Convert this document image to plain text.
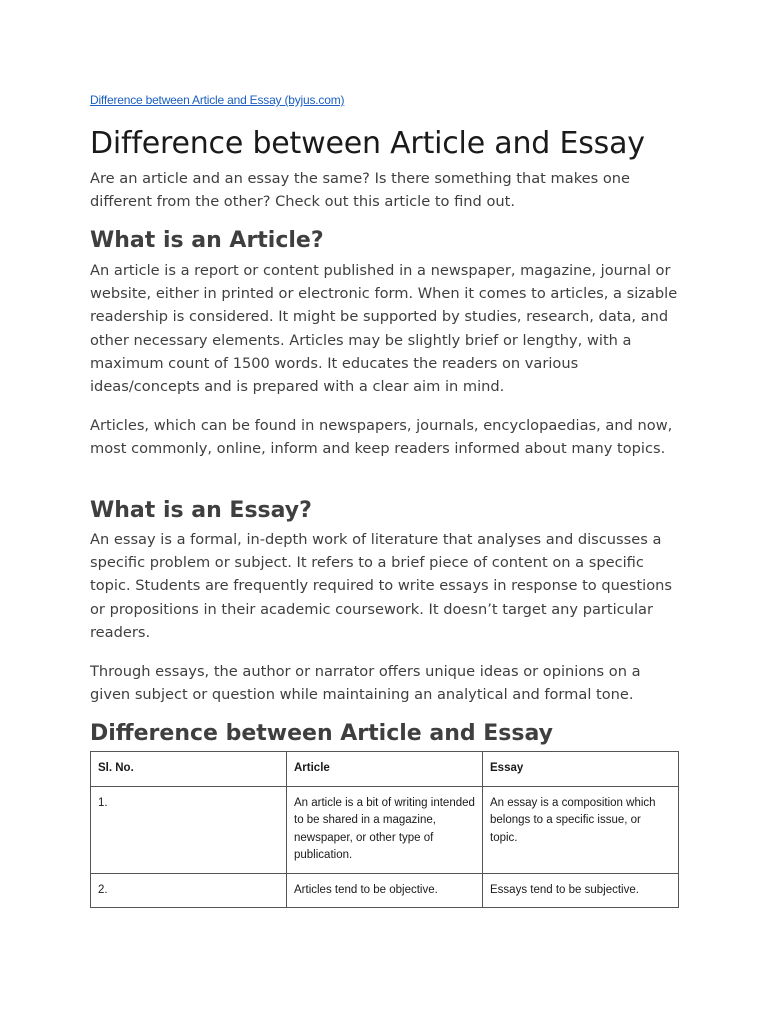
Difference between Article and Essay (byjus.com)
Difference between Article and Essay

Are an article and an essay the same? Is there something that makes one different from the other? Check out this article to find out.

What is an Article?

An article is a report or content published in a newspaper, magazine, journal or website, either in printed or electronic form. When it comes to articles, a sizable readership is considered. It might be supported by studies, research, data, and other necessary elements. Articles may be slightly brief or lengthy, with a maximum count of 1500 words. It educates the readers on various ideas/concepts and is prepared with a clear aim in mind.

Articles, which can be found in newspapers, journals, encyclopaedias, and now, most commonly, online, inform and keep readers informed about many topics.

What is an Essay?

An essay is a formal, in-depth work of literature that analyses and discusses a specific problem or subject. It refers to a brief piece of content on a specific topic. Students are frequently required to write essays in response to questions or propositions in their academic coursework. It doesn’t target any particular readers.

Through essays, the author or narrator offers unique ideas or opinions on a given subject or question while maintaining an analytical and formal tone.

Difference between Article and Essay
Sl. No.	Article	Essay
1.	An article is a bit of writing intended to be shared in a magazine, newspaper, or other type of publication.	An essay is a composition which belongs to a specific issue, or topic.
2.	Articles tend to be objective.	Essays tend to be subjective.
